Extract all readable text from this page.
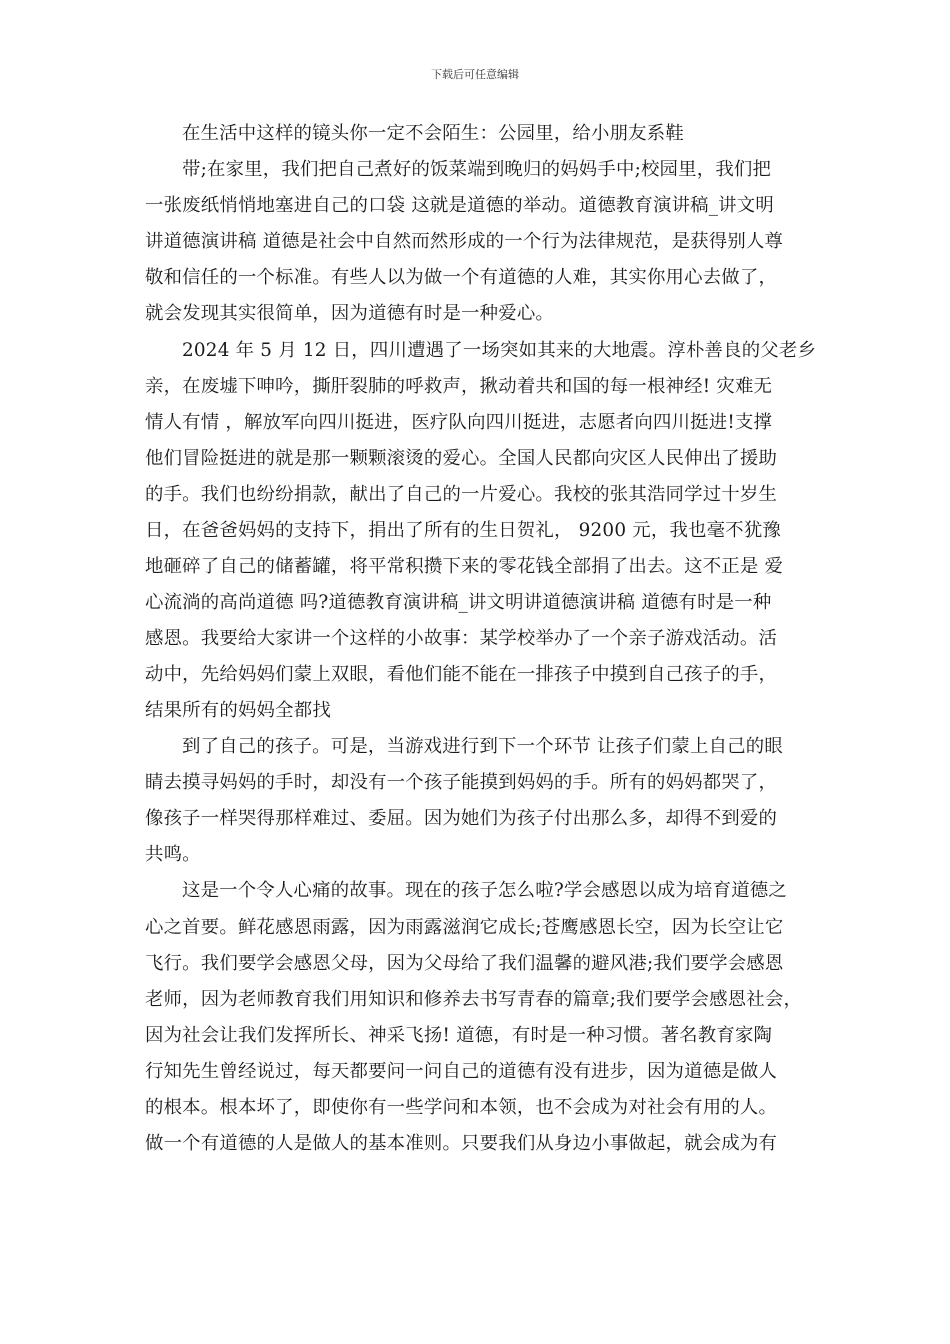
下载后可任意编辑
在生活中这样的镜头你一定不会陌生：公园里，给小朋友系鞋
带;在家里，我们把自己煮好的饭菜端到晚归的妈妈手中;校园里，我们把
一张废纸悄悄地塞进自己的口袋 这就是道德的举动。道德教育演讲稿_讲文明
讲道德演讲稿 道德是社会中自然而然形成的一个行为法律规范，是获得别人尊
敬和信任的一个标准。有些人以为做一个有道德的人难，其实你用心去做了，
就会发现其实很简单，因为道德有时是一种爱心。
2024 年 5 月 12 日，四川遭遇了一场突如其来的大地震。淳朴善良的父老乡
亲，在废墟下呻吟，撕肝裂肺的呼救声，揪动着共和国的每一根神经! 灾难无
情人有情 ，解放军向四川挺进，医疗队向四川挺进，志愿者向四川挺进!支撑
他们冒险挺进的就是那一颗颗滚烫的爱心。全国人民都向灾区人民伸出了援助
的手。我们也纷纷捐款，献出了自己的一片爱心。我校的张其浩同学过十岁生
日，在爸爸妈妈的支持下，捐出了所有的生日贺礼， 9200 元，我也毫不犹豫
地砸碎了自己的储蓄罐，将平常积攒下来的零花钱全部捐了出去。这不正是 爱
心流淌的高尚道德 吗?道德教育演讲稿_讲文明讲道德演讲稿 道德有时是一种
感恩。我要给大家讲一个这样的小故事：某学校举办了一个亲子游戏活动。活
动中，先给妈妈们蒙上双眼，看他们能不能在一排孩子中摸到自己孩子的手，
结果所有的妈妈全都找
到了自己的孩子。可是，当游戏进行到下一个环节 让孩子们蒙上自己的眼
睛去摸寻妈妈的手时，却没有一个孩子能摸到妈妈的手。所有的妈妈都哭了，
像孩子一样哭得那样难过、委屈。因为她们为孩子付出那么多，却得不到爱的
共鸣。
这是一个令人心痛的故事。现在的孩子怎么啦?学会感恩以成为培育道德之
心之首要。鲜花感恩雨露，因为雨露滋润它成长;苍鹰感恩长空，因为长空让它
飞行。我们要学会感恩父母，因为父母给了我们温馨的避风港;我们要学会感恩
老师，因为老师教育我们用知识和修养去书写青春的篇章;我们要学会感恩社会，
因为社会让我们发挥所长、神采飞扬! 道德，有时是一种习惯。著名教育家陶
行知先生曾经说过，每天都要问一问自己的道德有没有进步，因为道德是做人
的根本。根本坏了，即使你有一些学问和本领，也不会成为对社会有用的人。
做一个有道德的人是做人的基本准则。只要我们从身边小事做起，就会成为有
